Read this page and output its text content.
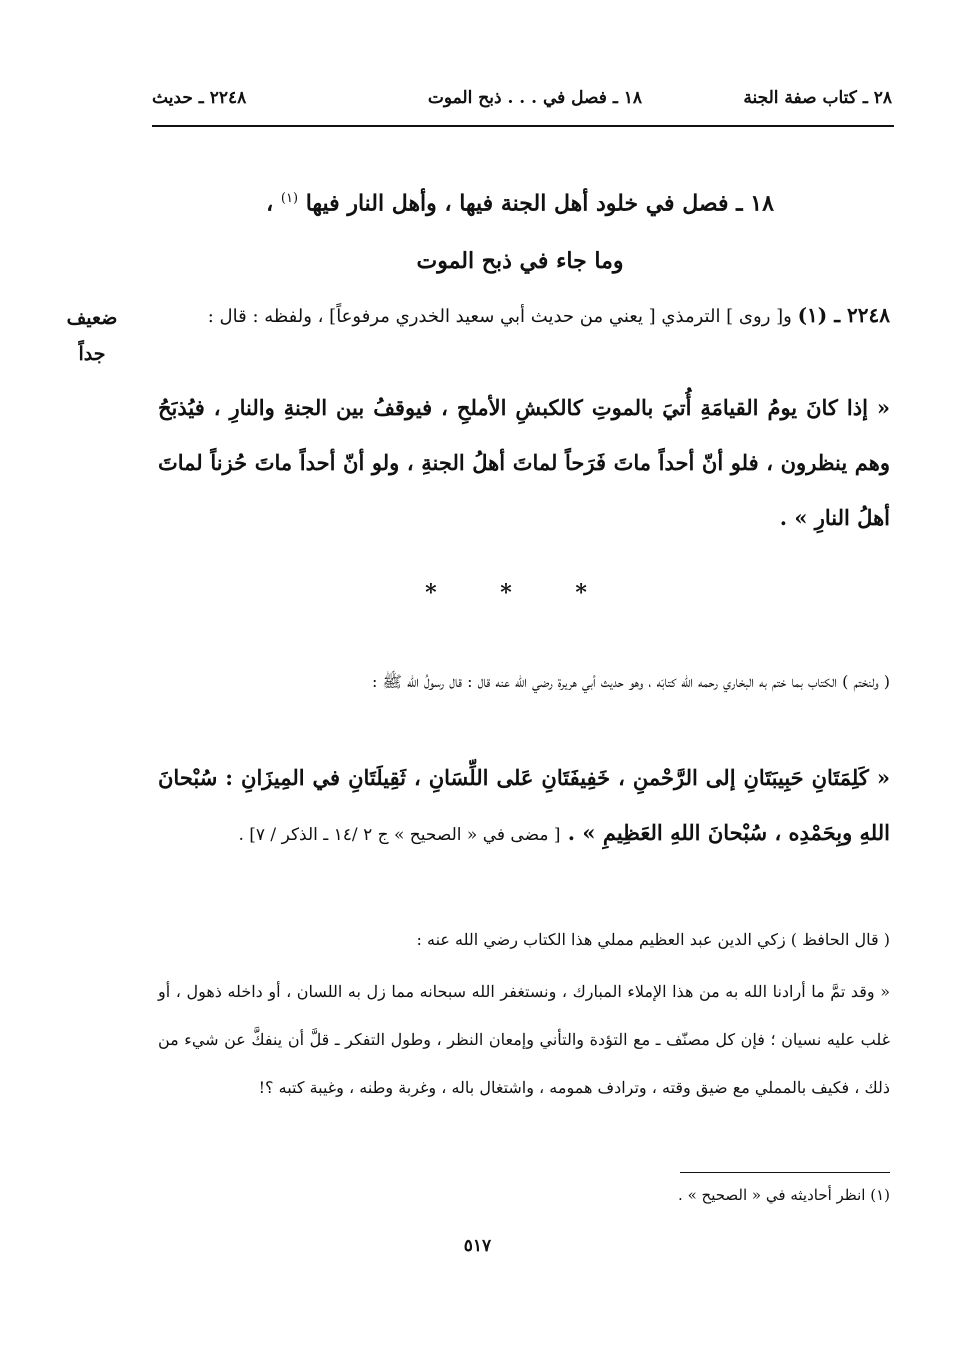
٢٨ ـ كتاب صفة الجنة
١٨ ـ فصل في . . . ذبح الموت
٢٢٤٨ ـ حديث
١٨ ـ فصل في خلود أهل الجنة فيها ، وأهل النار فيها $^{(١)}$ ،
وما جاء في ذبح الموت
ضعيف جداً
٢٢٤٨ ـ (١) و[ روى ] الترمذي [ يعني من حديث أبي سعيد الخدري مرفوعاً] ، ولفظه : قال :
« إذا كانَ يومُ القيامَةِ أُتيَ بالموتِ كالكبشِ الأملحِ ، فيوقفُ بين الجنةِ والنارِ ، فيُذبَحُ وهم ينظرون ، فلو أنّ أحداً ماتَ فَرَحاً لماتَ أهلُ الجنةِ ، ولو أنّ أحداً ماتَ حُزناً لماتَ أهلُ النارِ » .
* * *
( ولنختم ) الكتاب بما ختم به البخاري رحمه الله كتابَه ، وهو حديث أبي هريرة رضي الله عنه قال : قال رسولُ الله ﷺ :
« كَلِمَتَانِ حَبِيبَتَانِ إلى الرَّحْمنِ ، خَفِيفَتَانِ عَلى اللِّسَانِ ، ثَقِيلَتَانِ في المِيزَانِ : سُبْحانَ اللهِ وبِحَمْدِه ، سُبْحانَ اللهِ العَظِيمِ » . [ مضى في « الصحيح » ج ٢ /١٤ ـ الذكر / ٧] .
( قال الحافظ ) زكي الدين عبد العظيم مملي هذا الكتاب رضي الله عنه :
« وقد تمَّ ما أرادنا الله به من هذا الإملاء المبارك ، ونستغفر الله سبحانه مما زل به اللسان ، أو داخله ذهول ، أو غلب عليه نسيان ؛ فإن كل مصنّف ـ مع التؤدة والتأني وإمعان النظر ، وطول التفكر ـ قلَّ أن ينفكَّ عن شيء من ذلك ، فكيف بالمملي مع ضيق وقته ، وترادف همومه ، واشتغال باله ، وغربة وطنه ، وغيبة كتبه ؟!
(١) انظر أحاديثه في « الصحيح » .
٥١٧
